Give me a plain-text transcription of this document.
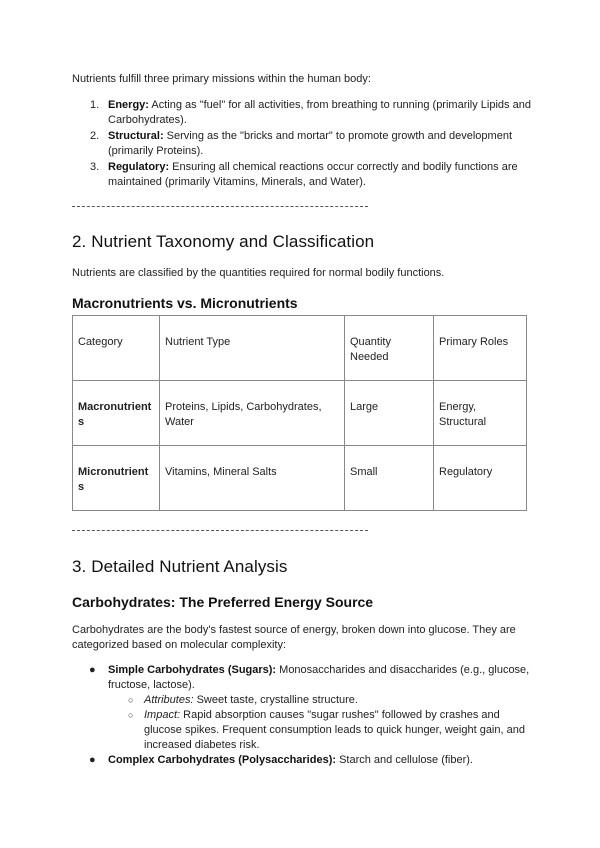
Nutrients fulfill three primary missions within the human body:
1. Energy: Acting as "fuel" for all activities, from breathing to running (primarily Lipids and Carbohydrates).
2. Structural: Serving as the "bricks and mortar" to promote growth and development (primarily Proteins).
3. Regulatory: Ensuring all chemical reactions occur correctly and bodily functions are maintained (primarily Vitamins, Minerals, and Water).
2. Nutrient Taxonomy and Classification
Nutrients are classified by the quantities required for normal bodily functions.
Macronutrients vs. Micronutrients
Category	Nutrient Type	Quantity Needed	Primary Roles
Macronutrients	Proteins, Lipids, Carbohydrates, Water	Large	Energy, Structural
Micronutrients	Vitamins, Mineral Salts	Small	Regulatory
3. Detailed Nutrient Analysis
Carbohydrates: The Preferred Energy Source
Carbohydrates are the body's fastest source of energy, broken down into glucose. They are categorized based on molecular complexity:
● Simple Carbohydrates (Sugars): Monosaccharides and disaccharides (e.g., glucose, fructose, lactose).
○ Attributes: Sweet taste, crystalline structure.
○ Impact: Rapid absorption causes "sugar rushes" followed by crashes and glucose spikes. Frequent consumption leads to quick hunger, weight gain, and increased diabetes risk.
● Complex Carbohydrates (Polysaccharides): Starch and cellulose (fiber).
